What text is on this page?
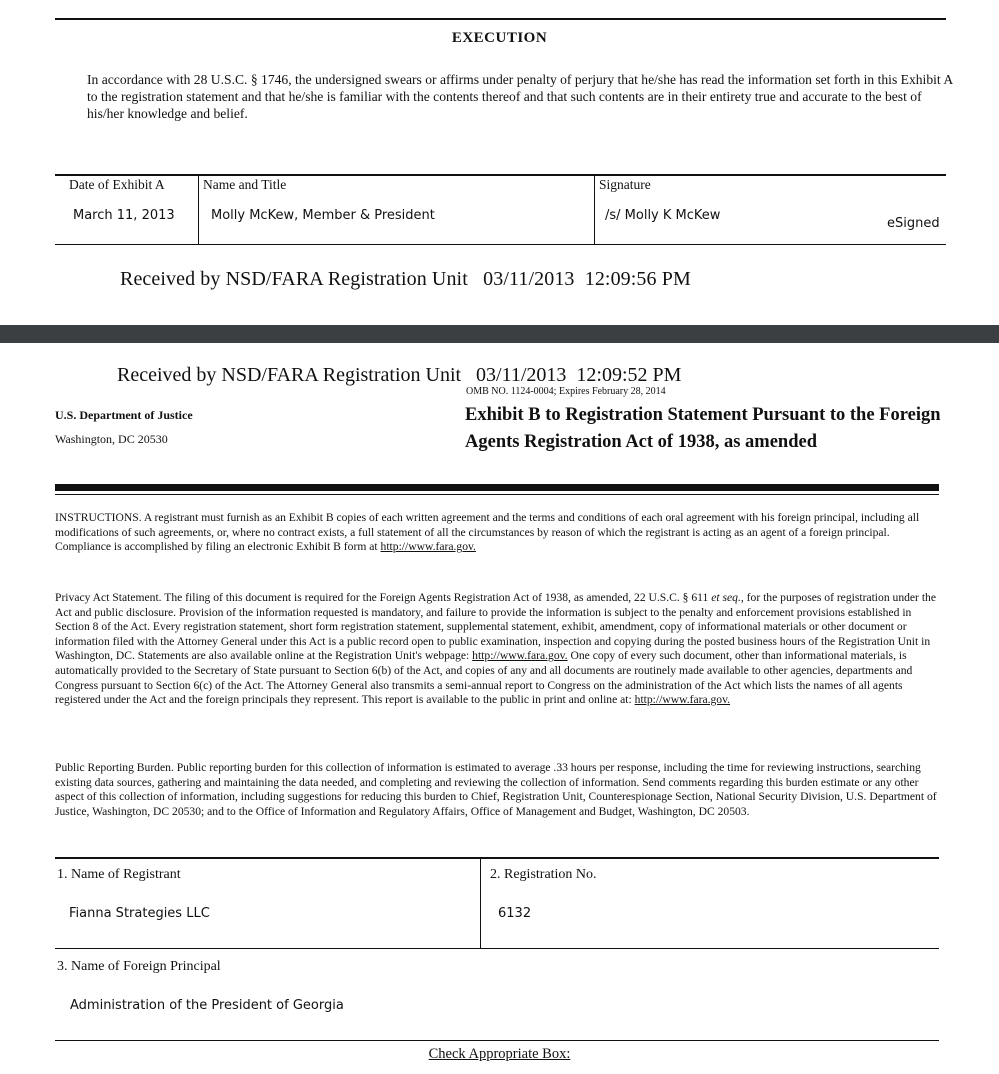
EXECUTION
In accordance with 28 U.S.C. § 1746, the undersigned swears or affirms under penalty of perjury that he/she has read the information set forth in this Exhibit A to the registration statement and that he/she is familiar with the contents thereof and that such contents are in their entirety true and accurate to the best of his/her knowledge and belief.
Date of Exhibit A	Name and Title	Signature
March 11, 2013	Molly McKew, Member & President	/s/ Molly K McKew
eSigned
Received by NSD/FARA Registration Unit   03/11/2013  12:09:56 PM
Received by NSD/FARA Registration Unit   03/11/2013  12:09:52 PM
OMB NO. 1124-0004; Expires February 28, 2014
U.S. Department of Justice
Washington, DC 20530
Exhibit B to Registration Statement Pursuant to the Foreign Agents Registration Act of 1938, as amended
INSTRUCTIONS. A registrant must furnish as an Exhibit B copies of each written agreement and the terms and conditions of each oral agreement with his foreign principal, including all modifications of such agreements, or, where no contract exists, a full statement of all the circumstances by reason of which the registrant is acting as an agent of a foreign principal. Compliance is accomplished by filing an electronic Exhibit B form at http://www.fara.gov.
Privacy Act Statement. The filing of this document is required for the Foreign Agents Registration Act of 1938, as amended, 22 U.S.C. § 611 et seq., for the purposes of registration under the Act and public disclosure. Provision of the information requested is mandatory, and failure to provide the information is subject to the penalty and enforcement provisions established in Section 8 of the Act. Every registration statement, short form registration statement, supplemental statement, exhibit, amendment, copy of informational materials or other document or information filed with the Attorney General under this Act is a public record open to public examination, inspection and copying during the posted business hours of the Registration Unit in Washington, DC. Statements are also available online at the Registration Unit's webpage: http://www.fara.gov. One copy of every such document, other than informational materials, is automatically provided to the Secretary of State pursuant to Section 6(b) of the Act, and copies of any and all documents are routinely made available to other agencies, departments and Congress pursuant to Section 6(c) of the Act. The Attorney General also transmits a semi-annual report to Congress on the administration of the Act which lists the names of all agents registered under the Act and the foreign principals they represent. This report is available to the public in print and online at: http://www.fara.gov.
Public Reporting Burden. Public reporting burden for this collection of information is estimated to average .33 hours per response, including the time for reviewing instructions, searching existing data sources, gathering and maintaining the data needed, and completing and reviewing the collection of information. Send comments regarding this burden estimate or any other aspect of this collection of information, including suggestions for reducing this burden to Chief, Registration Unit, Counterespionage Section, National Security Division, U.S. Department of Justice, Washington, DC 20530; and to the Office of Information and Regulatory Affairs, Office of Management and Budget, Washington, DC 20503.
1. Name of Registrant
Fianna Strategies LLC
2. Registration No.
6132
3. Name of Foreign Principal
Administration of the President of Georgia
Check Appropriate Box:
